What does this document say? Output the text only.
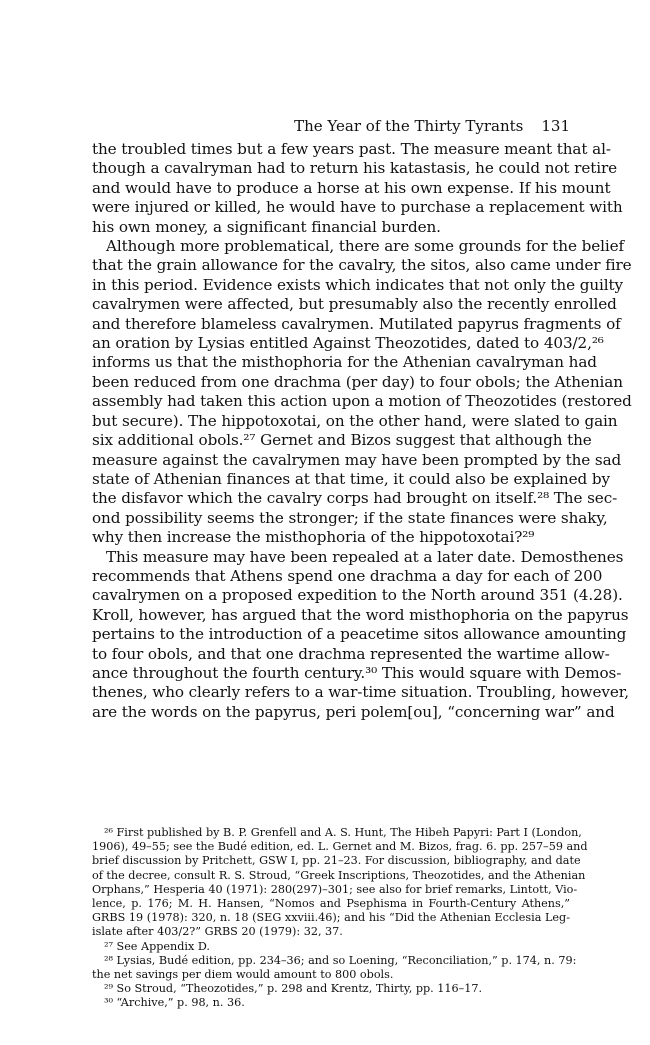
The Year of the Thirty Tyrants 131
the troubled times but a few years past. The measure meant that al-
though a cavalryman had to return his katastasis, he could not retire
and would have to produce a horse at his own expense. If his mount
were injured or killed, he would have to purchase a replacement with
his own money, a significant financial burden.
Although more problematical, there are some grounds for the belief
that the grain allowance for the cavalry, the sitos, also came under fire
in this period. Evidence exists which indicates that not only the guilty
cavalrymen were affected, but presumably also the recently enrolled
and therefore blameless cavalrymen. Mutilated papyrus fragments of
an oration by Lysias entitled Against Theozotides, dated to 403/2,²⁶
informs us that the misthophoria for the Athenian cavalryman had
been reduced from one drachma (per day) to four obols; the Athenian
assembly had taken this action upon a motion of Theozotides (restored
but secure). The hippotoxotai, on the other hand, were slated to gain
six additional obols.²⁷ Gernet and Bizos suggest that although the
measure against the cavalrymen may have been prompted by the sad
state of Athenian finances at that time, it could also be explained by
the disfavor which the cavalry corps had brought on itself.²⁸ The sec-
ond possibility seems the stronger; if the state finances were shaky,
why then increase the misthophoria of the hippotoxotai?²⁹
This measure may have been repealed at a later date. Demosthenes
recommends that Athens spend one drachma a day for each of 200
cavalrymen on a proposed expedition to the North around 351 (4.28).
Kroll, however, has argued that the word misthophoria on the papyrus
pertains to the introduction of a peacetime sitos allowance amounting
to four obols, and that one drachma represented the wartime allow-
ance throughout the fourth century.³⁰ This would square with Demos-
thenes, who clearly refers to a war-time situation. Troubling, however,
are the words on the papyrus, peri polem[ou], “concerning war” and
²⁶ First published by B. P. Grenfell and A. S. Hunt, The Hibeh Papyri: Part I (London,
1906), 49–55; see the Budé edition, ed. L. Gernet and M. Bizos, frag. 6. pp. 257–59 and
brief discussion by Pritchett, GSW I, pp. 21–23. For discussion, bibliography, and date
of the decree, consult R. S. Stroud, “Greek Inscriptions, Theozotides, and the Athenian
Orphans,” Hesperia 40 (1971): 280(297)–301; see also for brief remarks, Lintott, Vio-
lence, p. 176; M. H. Hansen, “Nomos and Psephisma in Fourth-Century Athens,”
GRBS 19 (1978): 320, n. 18 (SEG xxviii.46); and his “Did the Athenian Ecclesia Leg-
islate after 403/2?” GRBS 20 (1979): 32, 37.
²⁷ See Appendix D.
²⁸ Lysias, Budé edition, pp. 234–36; and so Loening, “Reconciliation,” p. 174, n. 79:
the net savings per diem would amount to 800 obols.
²⁹ So Stroud, “Theozotides,” p. 298 and Krentz, Thirty, pp. 116–17.
³⁰ “Archive,” p. 98, n. 36.
